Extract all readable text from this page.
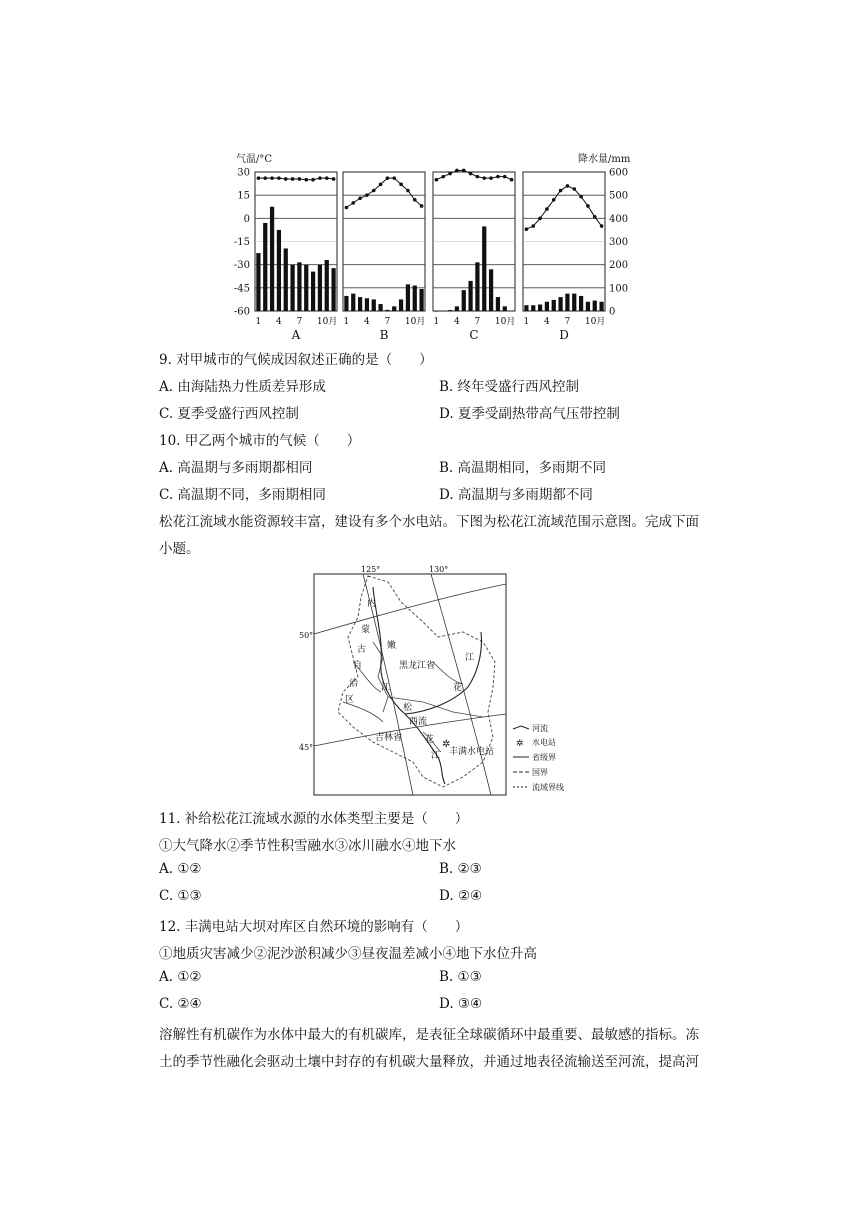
气温/°C	降水量/mm
30
15
0
-15
-30
-45
-60
600
500
400
300
200
100
0
1 4 7 10月
A
1 4 7 10月
B
1 4 7 10月
C
1 4 7 10月
D
9. 对甲城市的气候成因叙述正确的是（　　）
A. 由海陆热力性质差异形成	B. 终年受盛行西风控制
C. 夏季受盛行西风控制	D. 夏季受副热带高气压带控制
10. 甲乙两个城市的气候（　　）
A. 高温期与多雨期都相同	B. 高温期相同，多雨期不同
C. 高温期不同，多雨期相同	D. 高温期与多雨期都不同
松花江流域水能资源较丰富，建设有多个水电站。下图为松花江流域范围示意图。完成下面
小题。
✲
125°	130°
50°
45°
内
蒙
古
自
治
区
嫩
江
黑龙江省
江
花
松
西流
吉林省	花
江 丰满水电站
河流
✲ 水电站
省级界
国界
流域界线
11. 补给松花江流域水源的水体类型主要是（　　）
①大气降水②季节性积雪融水③冰川融水④地下水
A. ①②	B. ②③
C. ①③	D. ②④
12. 丰满电站大坝对库区自然环境的影响有（　　）
①地质灾害减少②泥沙淤积减少③昼夜温差减小④地下水位升高
A. ①②	B. ①③
C. ②④	D. ③④
溶解性有机碳作为水体中最大的有机碳库，是表征全球碳循环中最重要、最敏感的指标。冻
土的季节性融化会驱动土壤中封存的有机碳大量释放，并通过地表径流输送至河流，提高河
